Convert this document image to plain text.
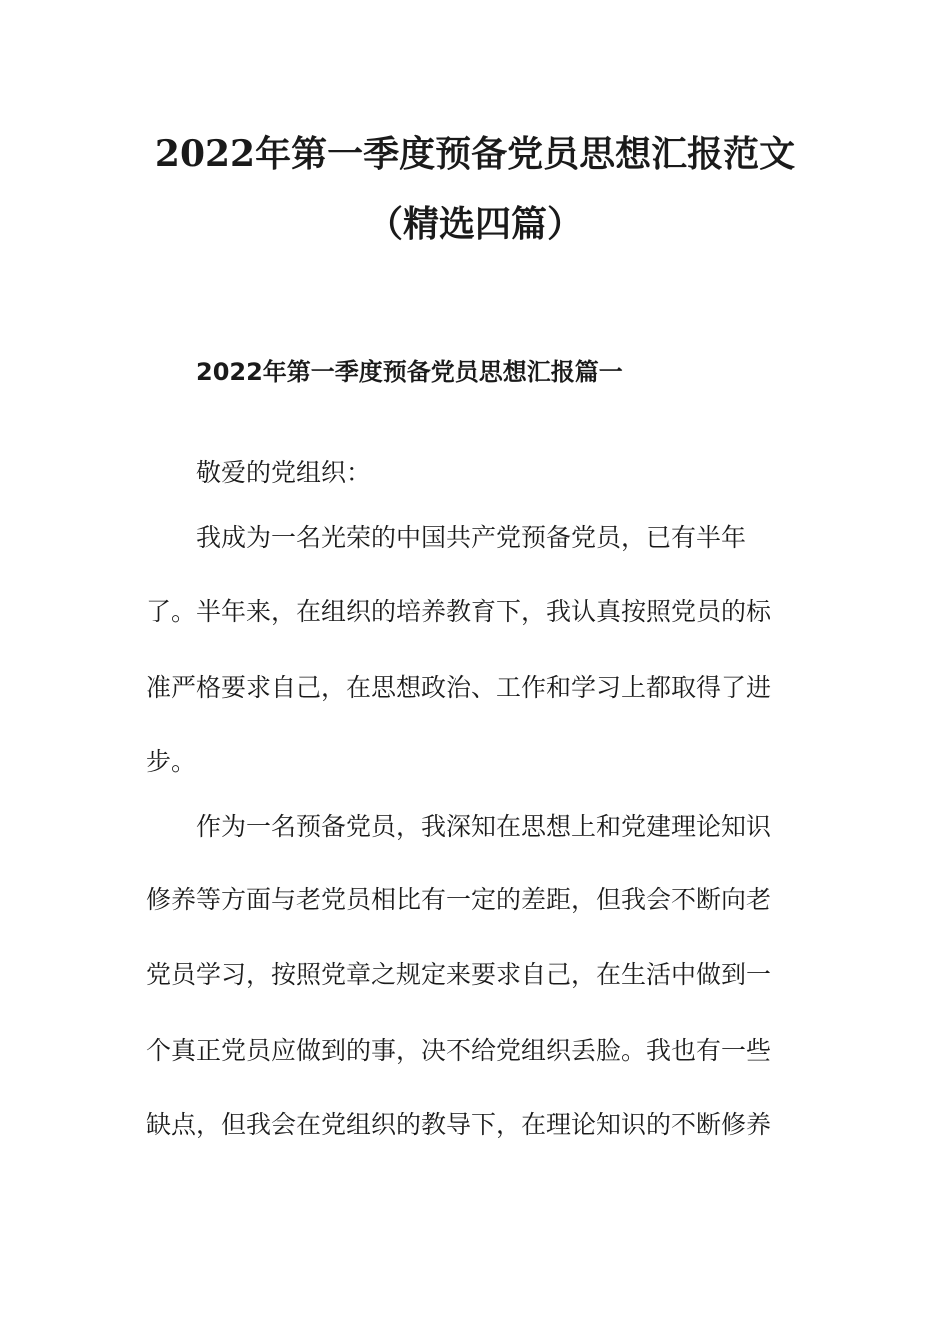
2022年第一季度预备党员思想汇报范文
（精选四篇）
2022年第一季度预备党员思想汇报篇一

敬爱的党组织：

我成为一名光荣的中国共产党预备党员，已有半年

了。半年来，在组织的培养教育下，我认真按照党员的标

准严格要求自己，在思想政治、工作和学习上都取得了进

步。

作为一名预备党员，我深知在思想上和党建理论知识

修养等方面与老党员相比有一定的差距，但我会不断向老

党员学习，按照党章之规定来要求自己，在生活中做到一

个真正党员应做到的事，决不给党组织丢脸。我也有一些

缺点，但我会在党组织的教导下，在理论知识的不断修养
